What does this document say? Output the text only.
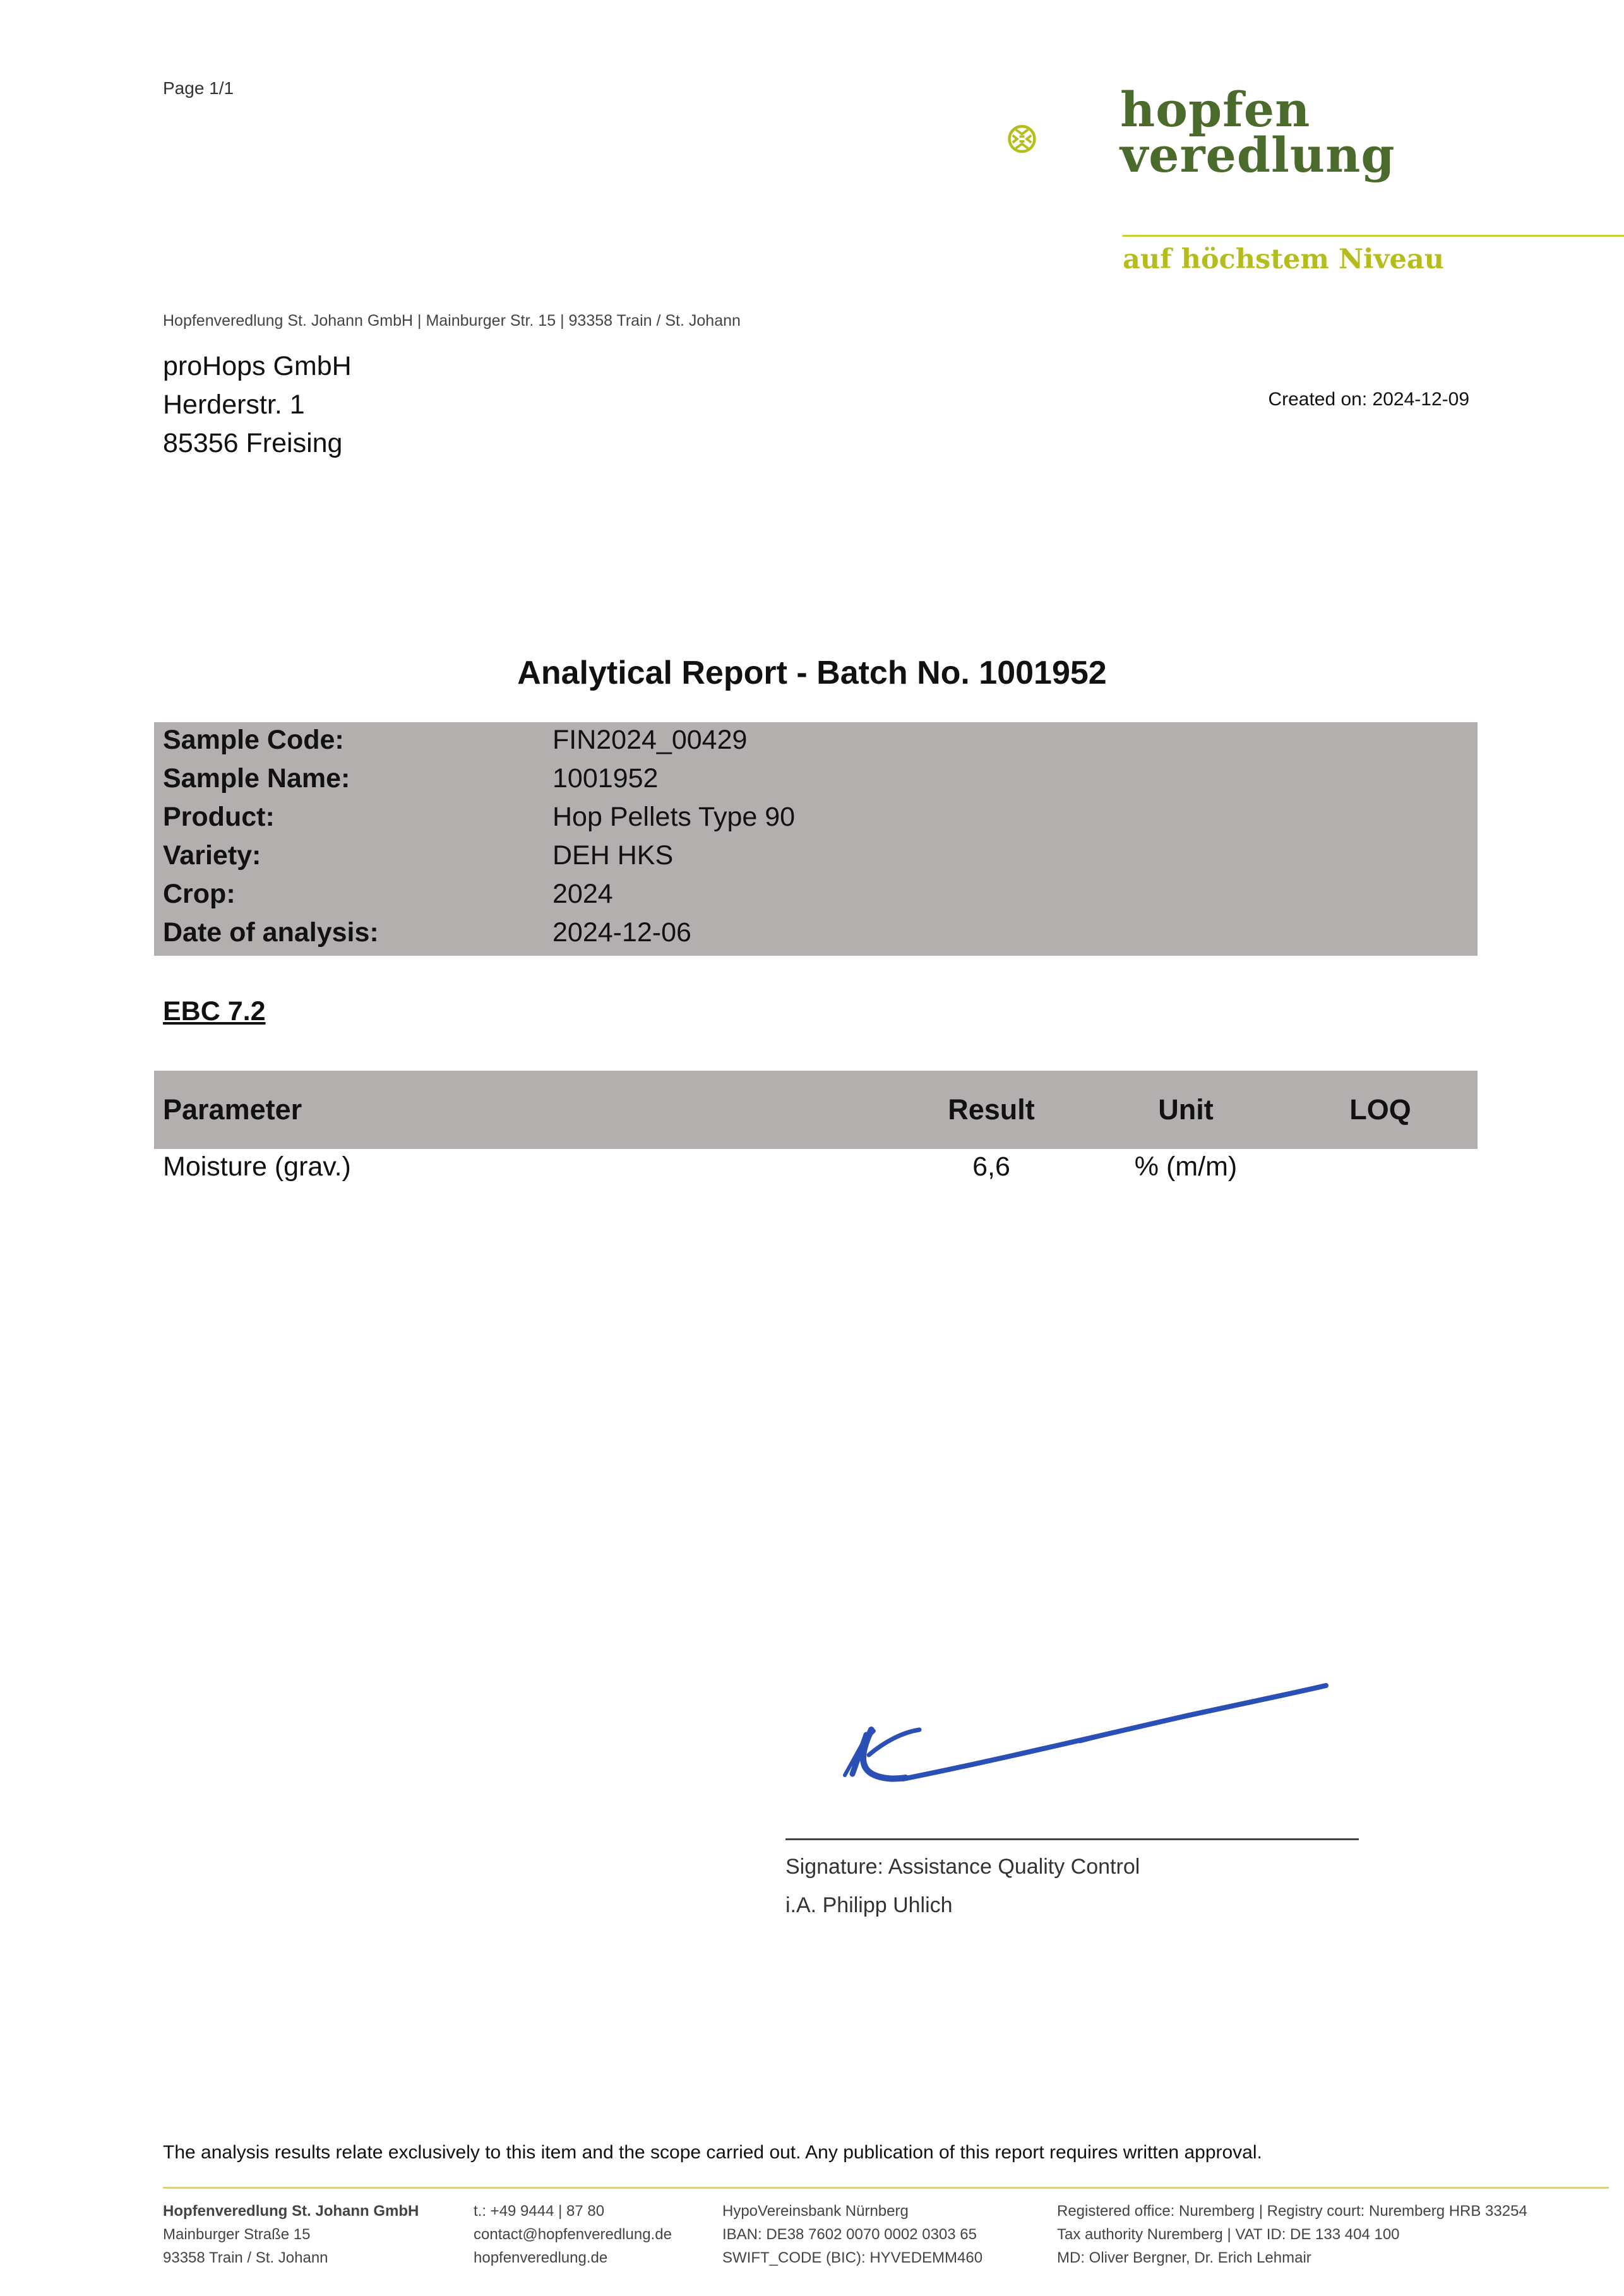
Page 1/1	hopfen
veredlung
auf höchstem Niveau
Hopfenveredlung St. Johann GmbH | Mainburger Str. 15 | 93358 Train / St. Johann
proHops GmbH
Herderstr. 1
85356 Freising
Created on: 2024-12-09
Analytical Report - Batch No. 1001952
Sample Code:	FIN2024_00429
Sample Name:	1001952
Product:	Hop Pellets Type 90
Variety:	DEH HKS
Crop:	2024
Date of analysis:	2024-12-06
EBC 7.2
Parameter	Result	Unit	LOQ
Moisture (grav.)	6,6	% (m/m)
Signature: Assistance Quality Control
i.A. Philipp Uhlich
The analysis results relate exclusively to this item and the scope carried out. Any publication of this report requires written approval.
Hopfenveredlung St. Johann GmbH
Mainburger Straße 15
93358 Train / St. Johann
t.: +49 9444 | 87 80
contact@hopfenveredlung.de
hopfenveredlung.de
HypoVereinsbank Nürnberg
IBAN: DE38 7602 0070 0002 0303 65
SWIFT_CODE (BIC): HYVEDEMM460
Registered office: Nuremberg | Registry court: Nuremberg HRB 33254
Tax authority Nuremberg | VAT ID: DE 133 404 100
MD: Oliver Bergner, Dr. Erich Lehmair
